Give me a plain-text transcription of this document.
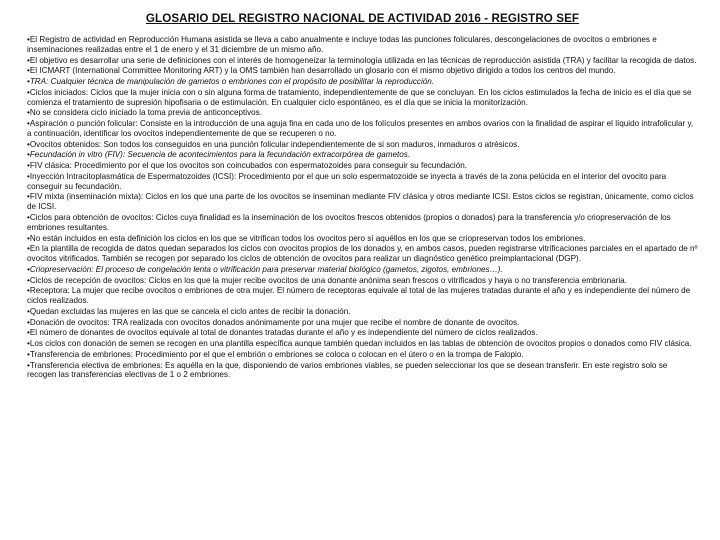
GLOSARIO DEL REGISTRO NACIONAL DE ACTIVIDAD 2016 - REGISTRO SEF
•El Registro de actividad en Reproducción Humana asistida se lleva a cabo anualmente e incluye todas las punciones foliculares, descongelaciones de ovocitos o embriones e inseminaciones realizadas entre el 1 de enero y el 31 diciembre de un mismo año.
•El objetivo es desarrollar una serie de definiciones con el interés de homogeneizar la terminología utilizada en las técnicas de reproducción asistida (TRA) y facilitar la recogida de datos.
•El ICMART (International Committee Monitoring ART) y la OMS también han desarrollado un glosario con el mismo objetivo dirigido a todos los centros del mundo.
•TRA: Cualquier técnica de manipulación de gametos o embriones con el propósito de posibilitar la reproducción.
•Ciclos iniciados: Ciclos que la mujer inicia con o sin alguna forma de tratamiento, independientemente de que se concluyan. En los ciclos estimulados la fecha de inicio es el día que se comienza el tratamiento de supresión hipofisaria o de estimulación. En cualquier ciclo espontáneo, es el día que se inicia la monitorización.
•No se considera ciclo iniciado la toma previa de anticonceptivos.
•Aspiración o punción folicular: Consiste en la introducción de una aguja fina en cada uno de los folículos presentes en ambos ovarios con la finalidad de aspirar el líquido intrafolicular y, a continuación, identificar los ovocitos independientemente de que se recuperen o no.
•Ovocitos obtenidos: Son todos los conseguidos en una punción folicular independientemente de si son maduros, inmaduros o atrésicos.
•Fecundación in vitro (FIV): Secuencia de acontecimientos para la fecundación extracorpórea de gametos.
•FIV clásica: Procedimiento por el que los ovocitos son coincubados con espermatozoides para conseguir su fecundación.
•Inyección Intracitoplasmática de Espermatozoides (ICSI): Procedimiento por el que un solo espermatozoide se inyecta a través de la zona pelúcida en el interior del ovocito para conseguir su fecundación.
•FIV mixta (inseminación mixta): Ciclos en los que una parte de los ovocitos se inseminan mediante FIV clásica y otros mediante ICSI. Estos ciclos se registran, únicamente, como ciclos de ICSI.
•Ciclos para obtención de ovocitos: Ciclos cuya finalidad es la inseminación de los ovocitos frescos obtenidos (propios o donados) para la transferencia y/o criopreservación de los embriones resultantes.
•No están incluidos en esta definición los ciclos en los que se vitrifican todos los ovocitos pero sí aquéllos en los que se criopreservan todos los embriones.
•En la plantilla de recogida de datos quedan separados los ciclos con ovocitos propios de los donados y, en ambos casos, pueden registrarse vitrificaciones parciales en el apartado de nº ovocitos vitrificados. También se recogen por separado los ciclos de obtención de ovocitos para realizar un diagnóstico genético preimplantacional (DGP).
•Criopreservación: El proceso de congelación lenta o vitrificación para preservar material biológico (gametos, zigotos, embriones…).
•Ciclos de recepción de ovocitos: Ciclos en los que la mujer recibe ovocitos de una donante anónima sean frescos o vitrificados y haya o no transferencia embrionaria.
•Receptora: La mujer que recibe ovocitos o embriones de otra mujer. El número de receptoras equivale al total de las mujeres tratadas durante el año y es independiente del número de ciclos realizados.
•Quedan excluidas las mujeres en las que se cancela el ciclo antes de recibir la donación.
•Donación de ovocitos: TRA realizada con ovocitos donados anónimamente por una mujer que recibe el nombre de donante de ovocitos.
•El número de donantes de ovocitos equivale al total de donantes tratadas durante el año y es independiente del número de ciclos realizados.
•Los ciclos con donación de semen se recogen en una plantilla específica aunque también quedan incluidos en las tablas de obtención de ovocitos propios o donados como FIV clásica.
•Transferencia de embriones: Procedimiento por el que el embrión o embriones se coloca o colocan en el útero o en la trompa de Falopio.
•Transferencia electiva de embriones: Es aquélla en la que, disponiendo de varios embriones viables, se pueden seleccionar los que se desean transferir. En este registro solo se recogen las transferencias electivas de 1 o 2 embriones.
